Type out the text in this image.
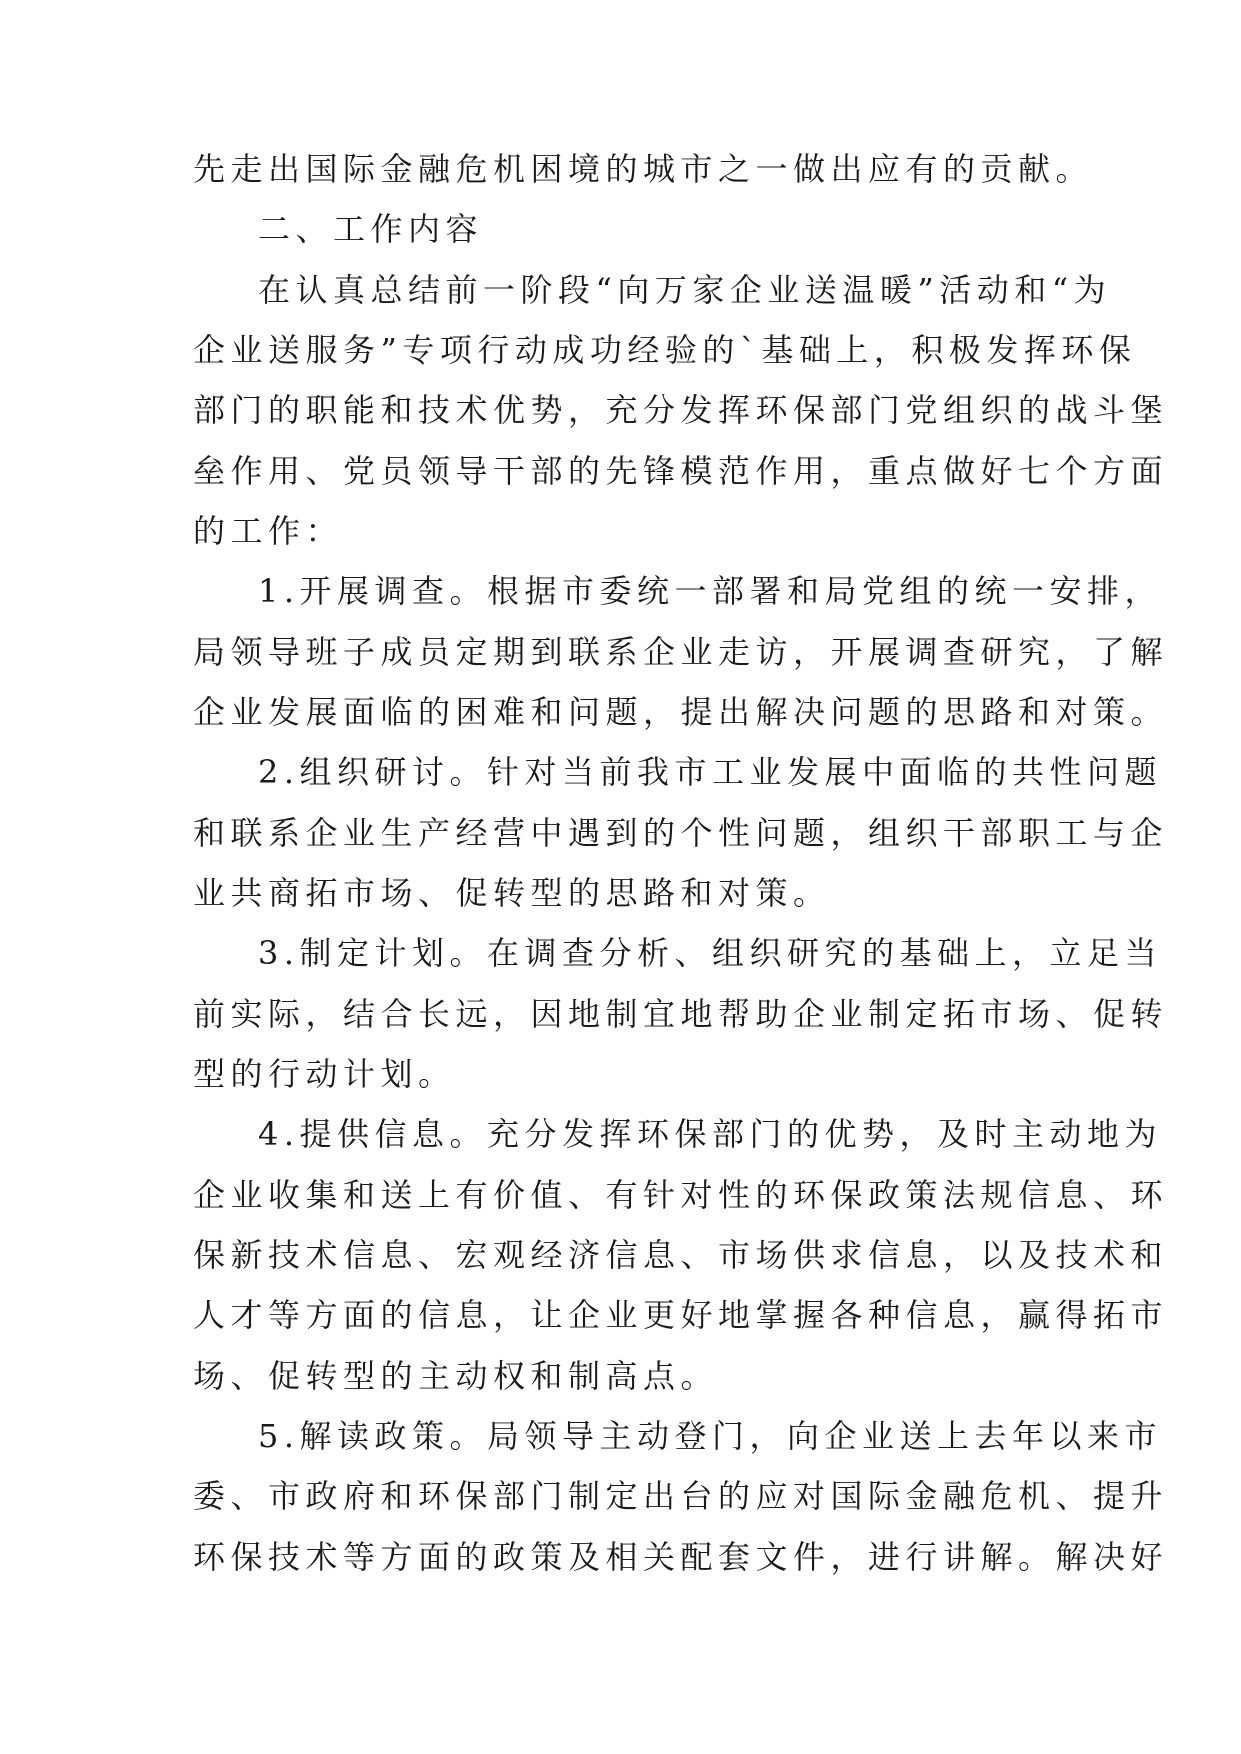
先走出国际金融危机困境的城市之一做出应有的贡献。
二、工作内容
在认真总结前一阶段“向万家企业送温暖”活动和“为
企业送服务”专项行动成功经验的`基础上，积极发挥环保
部门的职能和技术优势，充分发挥环保部门党组织的战斗堡
垒作用、党员领导干部的先锋模范作用，重点做好七个方面
的工作：
1.开展调查。根据市委统一部署和局党组的统一安排，
局领导班子成员定期到联系企业走访，开展调查研究，了解
企业发展面临的困难和问题，提出解决问题的思路和对策。
2.组织研讨。针对当前我市工业发展中面临的共性问题
和联系企业生产经营中遇到的个性问题，组织干部职工与企
业共商拓市场、促转型的思路和对策。
3.制定计划。在调查分析、组织研究的基础上，立足当
前实际，结合长远，因地制宜地帮助企业制定拓市场、促转
型的行动计划。
4.提供信息。充分发挥环保部门的优势，及时主动地为
企业收集和送上有价值、有针对性的环保政策法规信息、环
保新技术信息、宏观经济信息、市场供求信息，以及技术和
人才等方面的信息，让企业更好地掌握各种信息，赢得拓市
场、促转型的主动权和制高点。
5.解读政策。局领导主动登门，向企业送上去年以来市
委、市政府和环保部门制定出台的应对国际金融危机、提升
环保技术等方面的政策及相关配套文件，进行讲解。解决好
